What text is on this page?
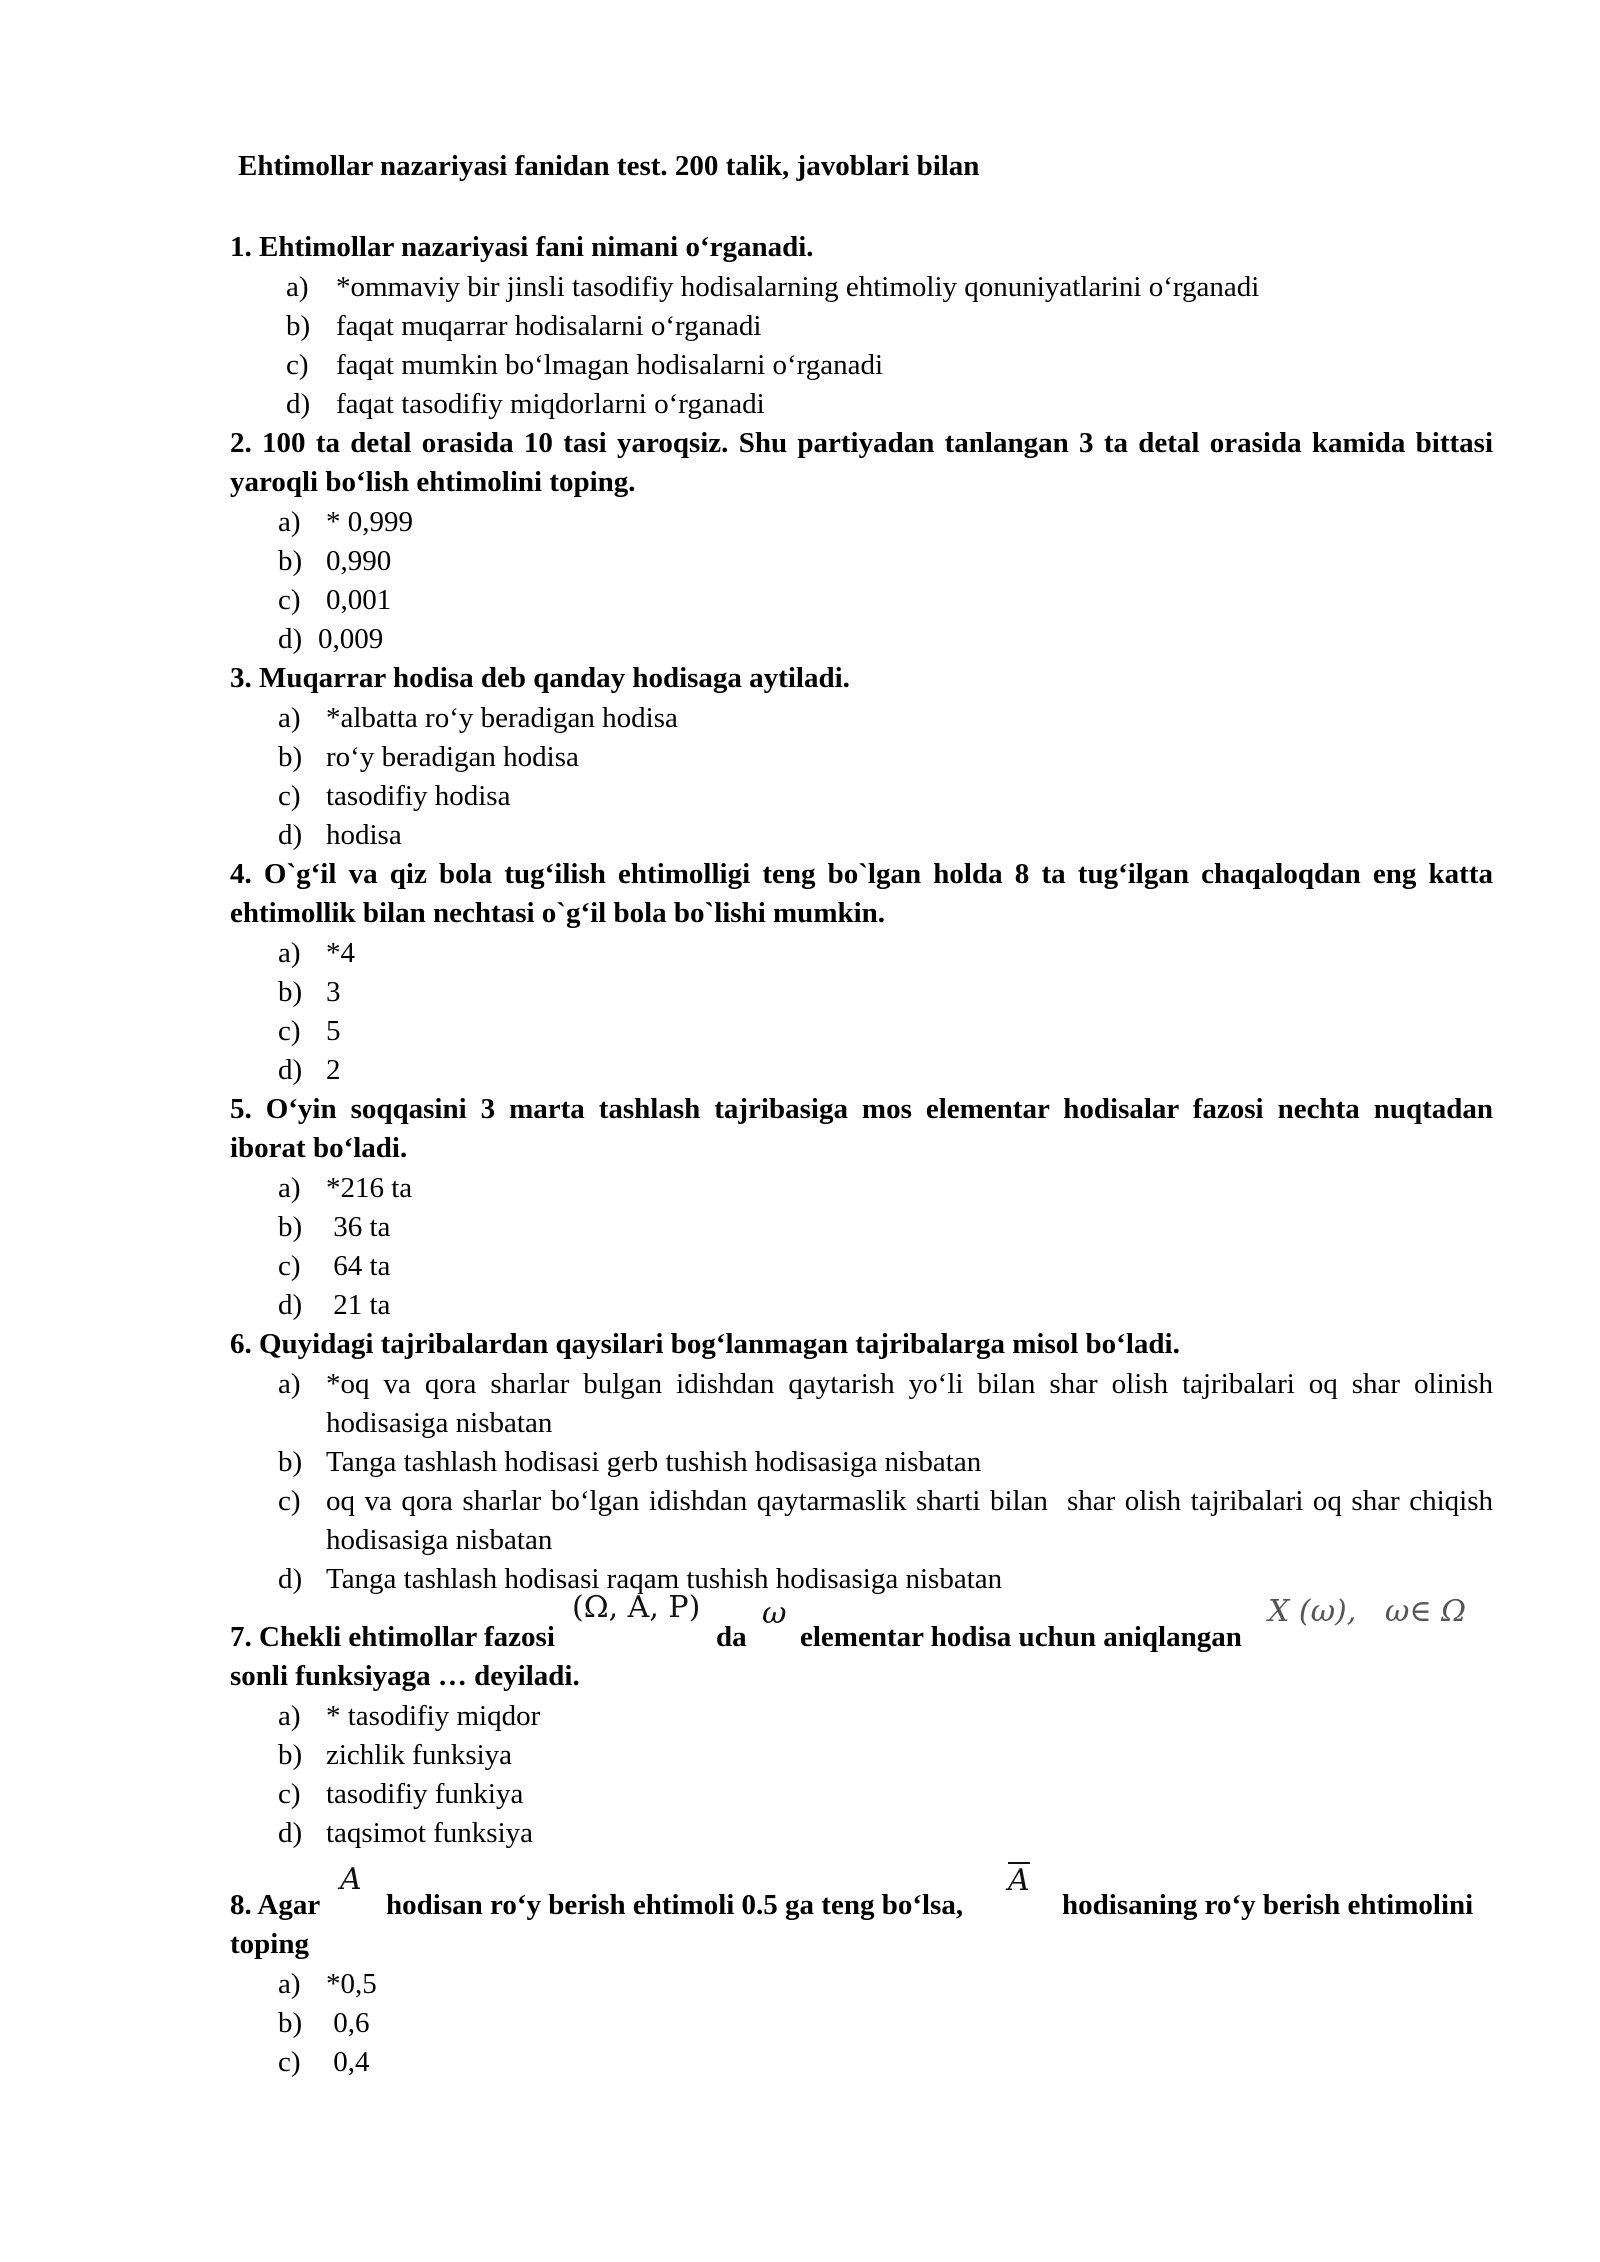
Ehtimollar nazariyasi fanidan test. 200 talik, javoblari bilan
1. Ehtimollar nazariyasi fani nimani o‘rganadi.
a) *ommaviy bir jinsli tasodifiy hodisalarning ehtimoliy qonuniyatlarini o‘rganadi
b) faqat muqarrar hodisalarni o‘rganadi
c) faqat mumkin bo‘lmagan hodisalarni o‘rganadi
d) faqat tasodifiy miqdorlarni o‘rganadi
2. 100 ta detal orasida 10 tasi yaroqsiz. Shu partiyadan tanlangan 3 ta detal orasida kamida bittasi yaroqli bo‘lish ehtimolini toping.
a) * 0,999
b) 0,990
c) 0,001
d) 0,009
3. Muqarrar hodisa deb qanday hodisaga aytiladi.
a) *albatta ro‘y beradigan hodisa
b) ro‘y beradigan hodisa
c) tasodifiy hodisa
d) hodisa
4. O`g‘il va qiz bola tug‘ilish ehtimolligi teng bo`lgan holda 8 ta tug‘ilgan chaqaloqdan eng katta ehtimollik bilan nechtasi o`g‘il bola bo`lishi mumkin.
a) *4
b) 3
c) 5
d) 2
5. O‘yin soqqasini 3 marta tashlash tajribasiga mos elementar hodisalar fazosi nechta nuqtadan iborat bo‘ladi.
a) *216 ta
b) 36 ta
c) 64 ta
d) 21 ta
6. Quyidagi tajribalardan qaysilari bog‘lanmagan tajribalarga misol bo‘ladi.
a) *oq va qora sharlar bulgan idishdan qaytarish yo‘li bilan shar olish tajribalari oq shar olinish hodisasiga nisbatan
b) Tanga tashlash hodisasi gerb tushish hodisasiga nisbatan
c) oq va qora sharlar bo‘lgan idishdan qaytarmaslik sharti bilan  shar olish tajribalari oq shar chiqish hodisasiga nisbatan
d) Tanga tashlash hodisasi raqam tushish hodisasiga nisbatan
7. Chekli ehtimollar fazosi
(Ω, A, P)
da
ω
elementar hodisa uchun aniqlangan
X (ω),   ω∈ Ω
sonli funksiyaga … deyiladi.
a) * tasodifiy miqdor
b) zichlik funksiya
c) tasodifiy funkiya
d) taqsimot funksiya
8. Agar
A
hodisan ro‘y berish ehtimoli 0.5 ga teng bo‘lsa,
A
hodisaning ro‘y berish ehtimolini
toping
a) *0,5
b) 0,6
c) 0,4
